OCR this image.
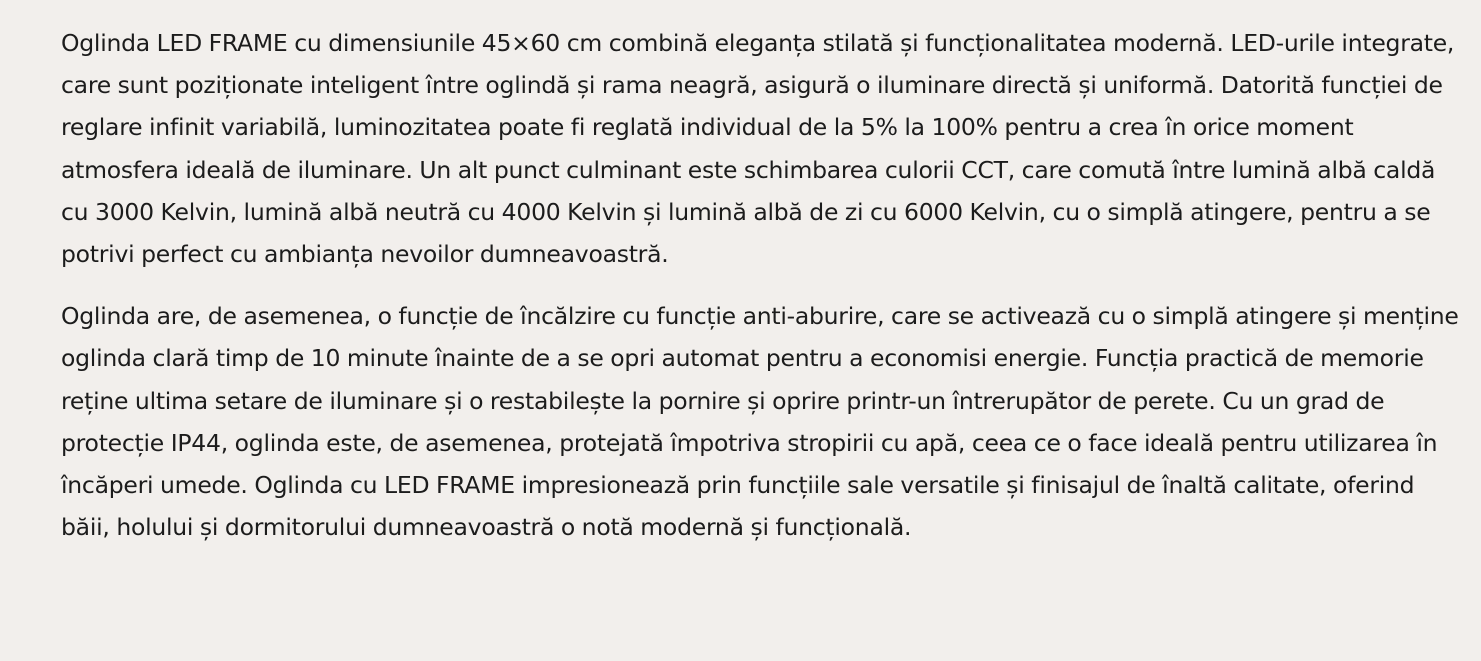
Oglinda LED FRAME cu dimensiunile 45×60 cm combină eleganța stilată și funcționalitatea modernă. LED-urile integrate, care sunt poziționate inteligent între oglindă și rama neagră, asigură o iluminare directă și uniformă. Datorită funcției de reglare infinit variabilă, luminozitatea poate fi reglată individual de la 5% la 100% pentru a crea în orice moment atmosfera ideală de iluminare. Un alt punct culminant este schimbarea culorii CCT, care comută între lumină albă caldă cu 3000 Kelvin, lumină albă neutră cu 4000 Kelvin și lumină albă de zi cu 6000 Kelvin, cu o simplă atingere, pentru a se potrivi perfect cu ambianța nevoilor dumneavoastră.

Oglinda are, de asemenea, o funcție de încălzire cu funcție anti-aburire, care se activează cu o simplă atingere și menține oglinda clară timp de 10 minute înainte de a se opri automat pentru a economisi energie. Funcția practică de memorie reține ultima setare de iluminare și o restabilește la pornire și oprire printr-un întrerupător de perete. Cu un grad de protecție IP44, oglinda este, de asemenea, protejată împotriva stropirii cu apă, ceea ce o face ideală pentru utilizarea în încăperi umede. Oglinda cu LED FRAME impresionează prin funcțiile sale versatile și finisajul de înaltă calitate, oferind băii, holului și dormitorului dumneavoastră o notă modernă și funcțională.
